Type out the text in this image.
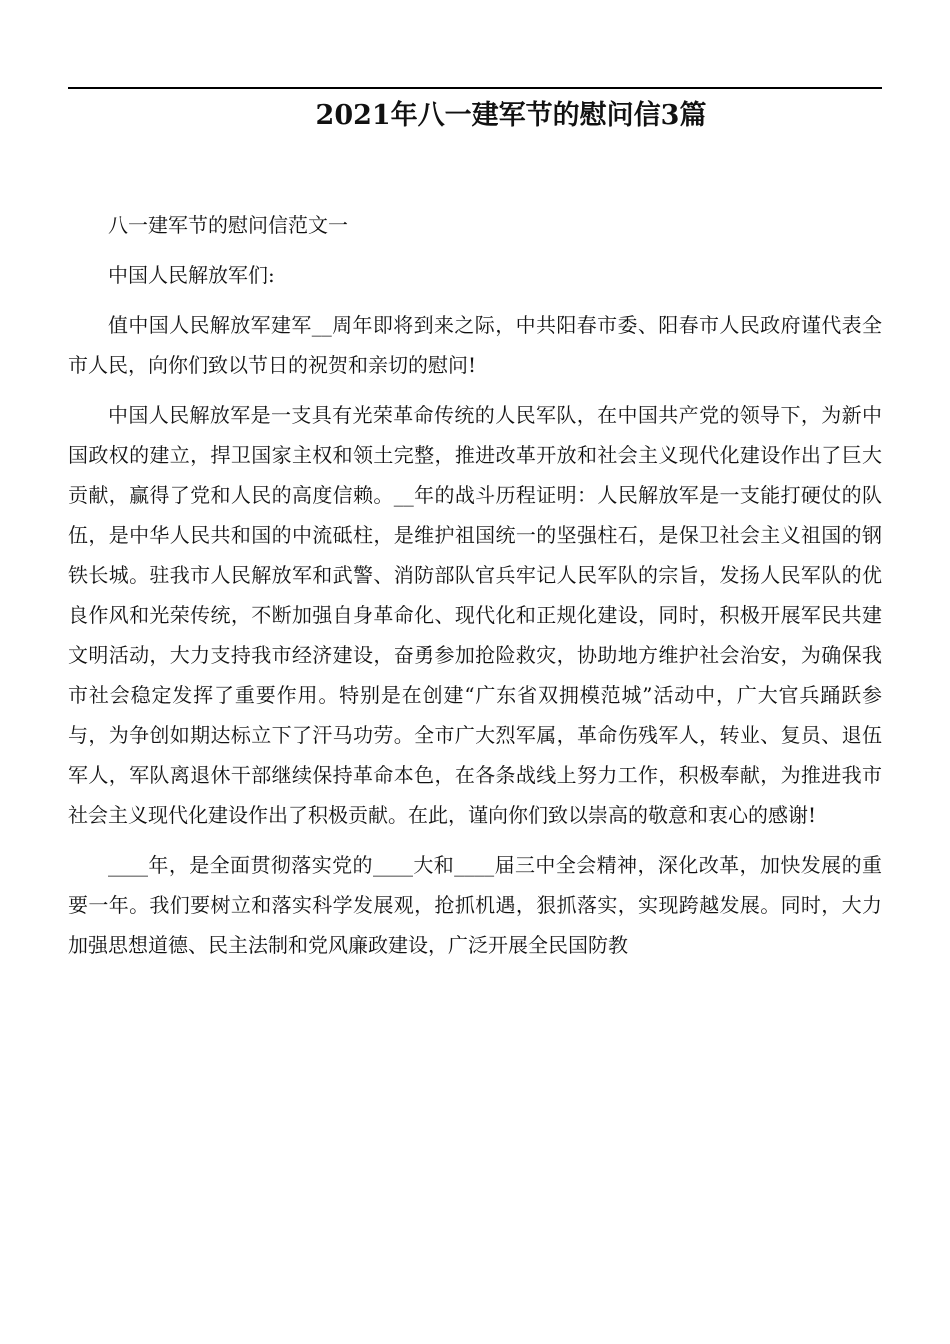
2021年八一建军节的慰问信3篇

八一建军节的慰问信范文一

中国人民解放军们:

值中国人民解放军建军__周年即将到来之际，中共阳春市委、阳春市人民政府谨代表全市人民，向你们致以节日的祝贺和亲切的慰问!

中国人民解放军是一支具有光荣革命传统的人民军队，在中国共产党的领导下，为新中国政权的建立，捍卫国家主权和领土完整，推进改革开放和社会主义现代化建设作出了巨大贡献，赢得了党和人民的高度信赖。__年的战斗历程证明：人民解放军是一支能打硬仗的队伍，是中华人民共和国的中流砥柱，是维护祖国统一的坚强柱石，是保卫社会主义祖国的钢铁长城。驻我市人民解放军和武警、消防部队官兵牢记人民军队的宗旨，发扬人民军队的优良作风和光荣传统，不断加强自身革命化、现代化和正规化建设，同时，积极开展军民共建文明活动，大力支持我市经济建设，奋勇参加抢险救灾，协助地方维护社会治安，为确保我市社会稳定发挥了重要作用。特别是在创建“广东省双拥模范城”活动中，广大官兵踊跃参与，为争创如期达标立下了汗马功劳。全市广大烈军属，革命伤残军人，转业、复员、退伍军人，军队离退休干部继续保持革命本色，在各条战线上努力工作，积极奉献，为推进我市社会主义现代化建设作出了积极贡献。在此，谨向你们致以崇高的敬意和衷心的感谢!

____年，是全面贯彻落实党的____大和____届三中全会精神，深化改革，加快发展的重要一年。我们要树立和落实科学发展观，抢抓机遇，狠抓落实，实现跨越发展。同时，大力加强思想道德、民主法制和党风廉政建设，广泛开展全民国防教
